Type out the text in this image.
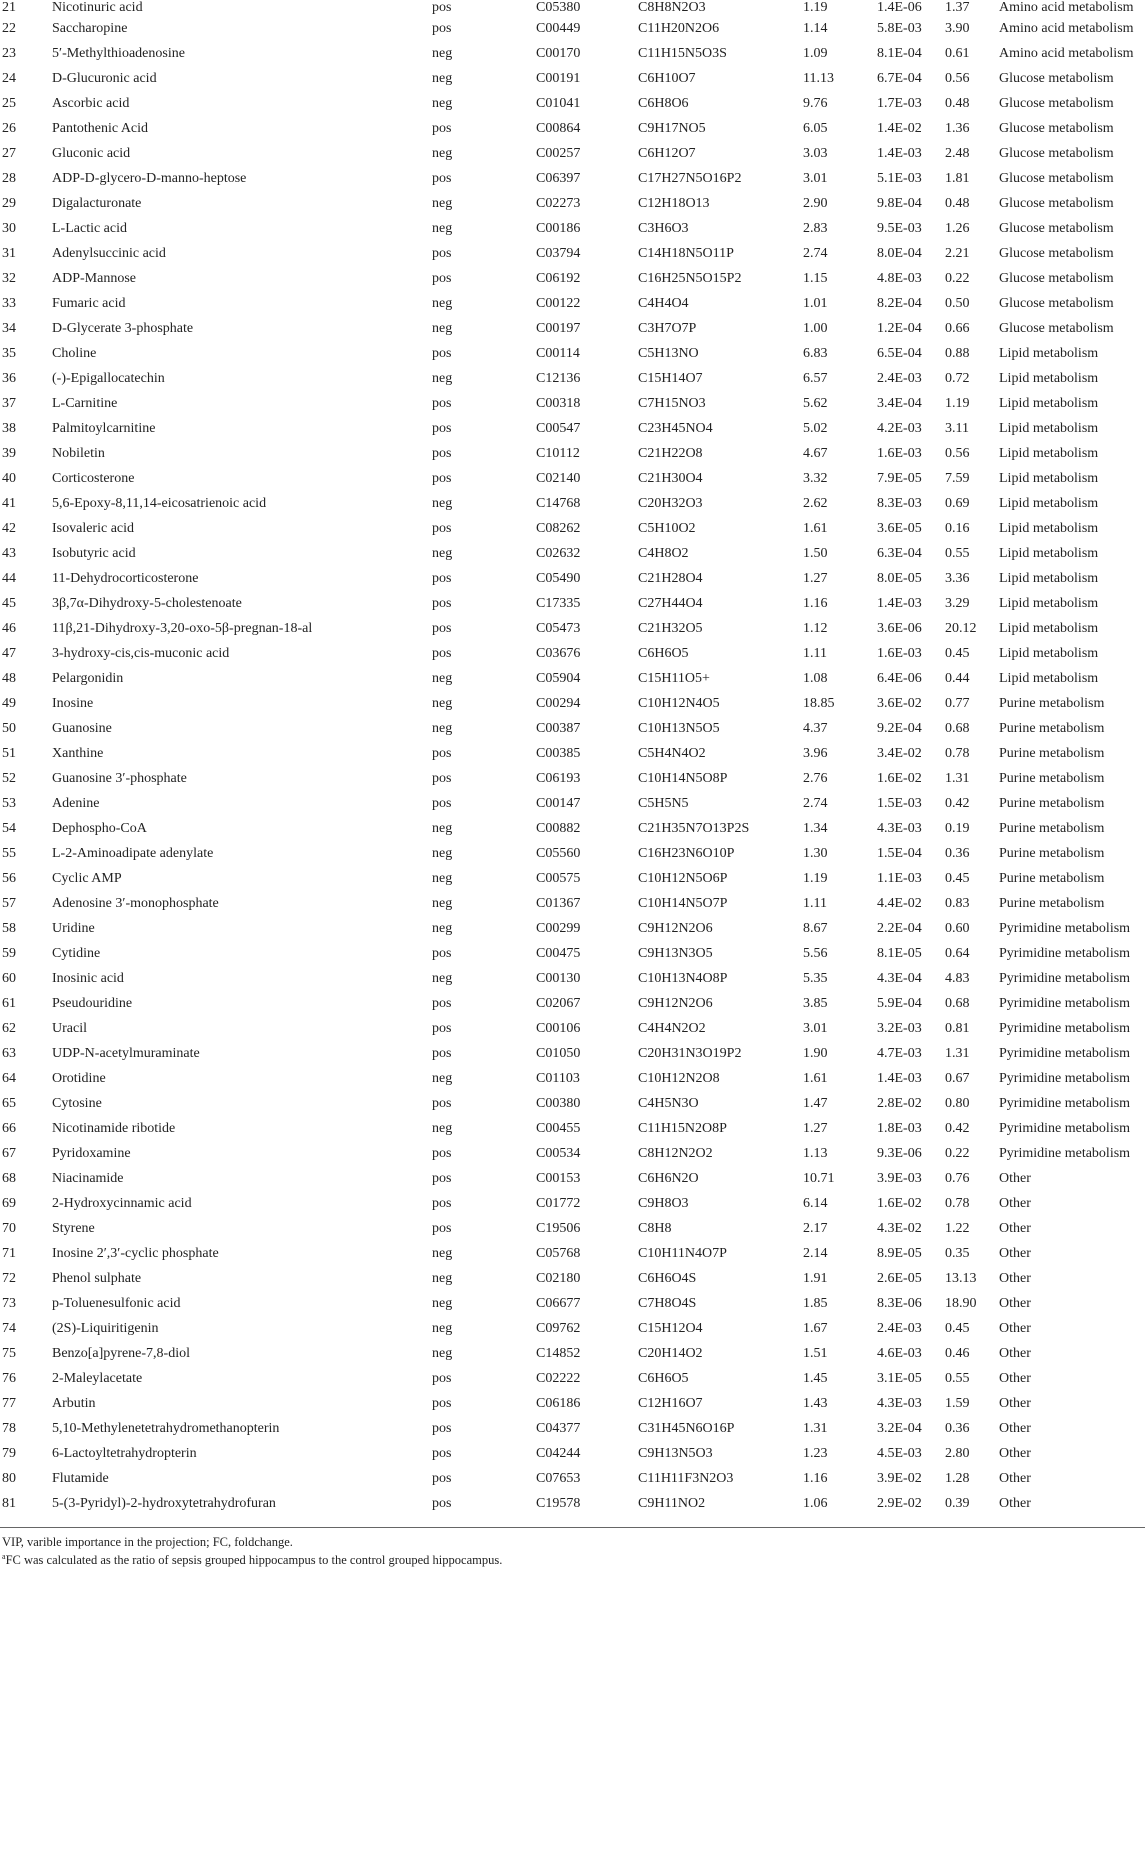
21	Nicotinuric acid	pos	C05380	C8H8N2O3	1.19	1.4E-06	1.37	Amino acid metabolism
22	Saccharopine	pos	C00449	C11H20N2O6	1.14	5.8E-03	3.90	Amino acid metabolism
23	5′-Methylthioadenosine	neg	C00170	C11H15N5O3S	1.09	8.1E-04	0.61	Amino acid metabolism
24	D-Glucuronic acid	neg	C00191	C6H10O7	11.13	6.7E-04	0.56	Glucose metabolism
25	Ascorbic acid	neg	C01041	C6H8O6	9.76	1.7E-03	0.48	Glucose metabolism
26	Pantothenic Acid	pos	C00864	C9H17NO5	6.05	1.4E-02	1.36	Glucose metabolism
27	Gluconic acid	neg	C00257	C6H12O7	3.03	1.4E-03	2.48	Glucose metabolism
28	ADP-D-glycero-D-manno-heptose	pos	C06397	C17H27N5O16P2	3.01	5.1E-03	1.81	Glucose metabolism
29	Digalacturonate	neg	C02273	C12H18O13	2.90	9.8E-04	0.48	Glucose metabolism
30	L-Lactic acid	neg	C00186	C3H6O3	2.83	9.5E-03	1.26	Glucose metabolism
31	Adenylsuccinic acid	pos	C03794	C14H18N5O11P	2.74	8.0E-04	2.21	Glucose metabolism
32	ADP-Mannose	pos	C06192	C16H25N5O15P2	1.15	4.8E-03	0.22	Glucose metabolism
33	Fumaric acid	neg	C00122	C4H4O4	1.01	8.2E-04	0.50	Glucose metabolism
34	D-Glycerate 3-phosphate	neg	C00197	C3H7O7P	1.00	1.2E-04	0.66	Glucose metabolism
35	Choline	pos	C00114	C5H13NO	6.83	6.5E-04	0.88	Lipid metabolism
36	(-)-Epigallocatechin	neg	C12136	C15H14O7	6.57	2.4E-03	0.72	Lipid metabolism
37	L-Carnitine	pos	C00318	C7H15NO3	5.62	3.4E-04	1.19	Lipid metabolism
38	Palmitoylcarnitine	pos	C00547	C23H45NO4	5.02	4.2E-03	3.11	Lipid metabolism
39	Nobiletin	pos	C10112	C21H22O8	4.67	1.6E-03	0.56	Lipid metabolism
40	Corticosterone	pos	C02140	C21H30O4	3.32	7.9E-05	7.59	Lipid metabolism
41	5,6-Epoxy-8,11,14-eicosatrienoic acid	neg	C14768	C20H32O3	2.62	8.3E-03	0.69	Lipid metabolism
42	Isovaleric acid	pos	C08262	C5H10O2	1.61	3.6E-05	0.16	Lipid metabolism
43	Isobutyric acid	neg	C02632	C4H8O2	1.50	6.3E-04	0.55	Lipid metabolism
44	11-Dehydrocorticosterone	pos	C05490	C21H28O4	1.27	8.0E-05	3.36	Lipid metabolism
45	3β,7α-Dihydroxy-5-cholestenoate	pos	C17335	C27H44O4	1.16	1.4E-03	3.29	Lipid metabolism
46	11β,21-Dihydroxy-3,20-oxo-5β-pregnan-18-al	pos	C05473	C21H32O5	1.12	3.6E-06	20.12	Lipid metabolism
47	3-hydroxy-cis,cis-muconic acid	pos	C03676	C6H6O5	1.11	1.6E-03	0.45	Lipid metabolism
48	Pelargonidin	neg	C05904	C15H11O5+	1.08	6.4E-06	0.44	Lipid metabolism
49	Inosine	neg	C00294	C10H12N4O5	18.85	3.6E-02	0.77	Purine metabolism
50	Guanosine	neg	C00387	C10H13N5O5	4.37	9.2E-04	0.68	Purine metabolism
51	Xanthine	pos	C00385	C5H4N4O2	3.96	3.4E-02	0.78	Purine metabolism
52	Guanosine 3′-phosphate	pos	C06193	C10H14N5O8P	2.76	1.6E-02	1.31	Purine metabolism
53	Adenine	pos	C00147	C5H5N5	2.74	1.5E-03	0.42	Purine metabolism
54	Dephospho-CoA	neg	C00882	C21H35N7O13P2S	1.34	4.3E-03	0.19	Purine metabolism
55	L-2-Aminoadipate adenylate	neg	C05560	C16H23N6O10P	1.30	1.5E-04	0.36	Purine metabolism
56	Cyclic AMP	neg	C00575	C10H12N5O6P	1.19	1.1E-03	0.45	Purine metabolism
57	Adenosine 3′-monophosphate	neg	C01367	C10H14N5O7P	1.11	4.4E-02	0.83	Purine metabolism
58	Uridine	neg	C00299	C9H12N2O6	8.67	2.2E-04	0.60	Pyrimidine metabolism
59	Cytidine	pos	C00475	C9H13N3O5	5.56	8.1E-05	0.64	Pyrimidine metabolism
60	Inosinic acid	neg	C00130	C10H13N4O8P	5.35	4.3E-04	4.83	Pyrimidine metabolism
61	Pseudouridine	pos	C02067	C9H12N2O6	3.85	5.9E-04	0.68	Pyrimidine metabolism
62	Uracil	pos	C00106	C4H4N2O2	3.01	3.2E-03	0.81	Pyrimidine metabolism
63	UDP-N-acetylmuraminate	pos	C01050	C20H31N3O19P2	1.90	4.7E-03	1.31	Pyrimidine metabolism
64	Orotidine	neg	C01103	C10H12N2O8	1.61	1.4E-03	0.67	Pyrimidine metabolism
65	Cytosine	pos	C00380	C4H5N3O	1.47	2.8E-02	0.80	Pyrimidine metabolism
66	Nicotinamide ribotide	neg	C00455	C11H15N2O8P	1.27	1.8E-03	0.42	Pyrimidine metabolism
67	Pyridoxamine	pos	C00534	C8H12N2O2	1.13	9.3E-06	0.22	Pyrimidine metabolism
68	Niacinamide	pos	C00153	C6H6N2O	10.71	3.9E-03	0.76	Other
69	2-Hydroxycinnamic acid	pos	C01772	C9H8O3	6.14	1.6E-02	0.78	Other
70	Styrene	pos	C19506	C8H8	2.17	4.3E-02	1.22	Other
71	Inosine 2′,3′-cyclic phosphate	neg	C05768	C10H11N4O7P	2.14	8.9E-05	0.35	Other
72	Phenol sulphate	neg	C02180	C6H6O4S	1.91	2.6E-05	13.13	Other
73	p-Toluenesulfonic acid	neg	C06677	C7H8O4S	1.85	8.3E-06	18.90	Other
74	(2S)-Liquiritigenin	neg	C09762	C15H12O4	1.67	2.4E-03	0.45	Other
75	Benzo[a]pyrene-7,8-diol	neg	C14852	C20H14O2	1.51	4.6E-03	0.46	Other
76	2-Maleylacetate	pos	C02222	C6H6O5	1.45	3.1E-05	0.55	Other
77	Arbutin	pos	C06186	C12H16O7	1.43	4.3E-03	1.59	Other
78	5,10-Methylenetetrahydromethanopterin	pos	C04377	C31H45N6O16P	1.31	3.2E-04	0.36	Other
79	6-Lactoyltetrahydropterin	pos	C04244	C9H13N5O3	1.23	4.5E-03	2.80	Other
80	Flutamide	pos	C07653	C11H11F3N2O3	1.16	3.9E-02	1.28	Other
81	5-(3-Pyridyl)-2-hydroxytetrahydrofuran	pos	C19578	C9H11NO2	1.06	2.9E-02	0.39	Other
VIP, varible importance in the projection; FC, foldchange.
$^a$FC was calculated as the ratio of sepsis grouped hippocampus to the control grouped hippocampus.
